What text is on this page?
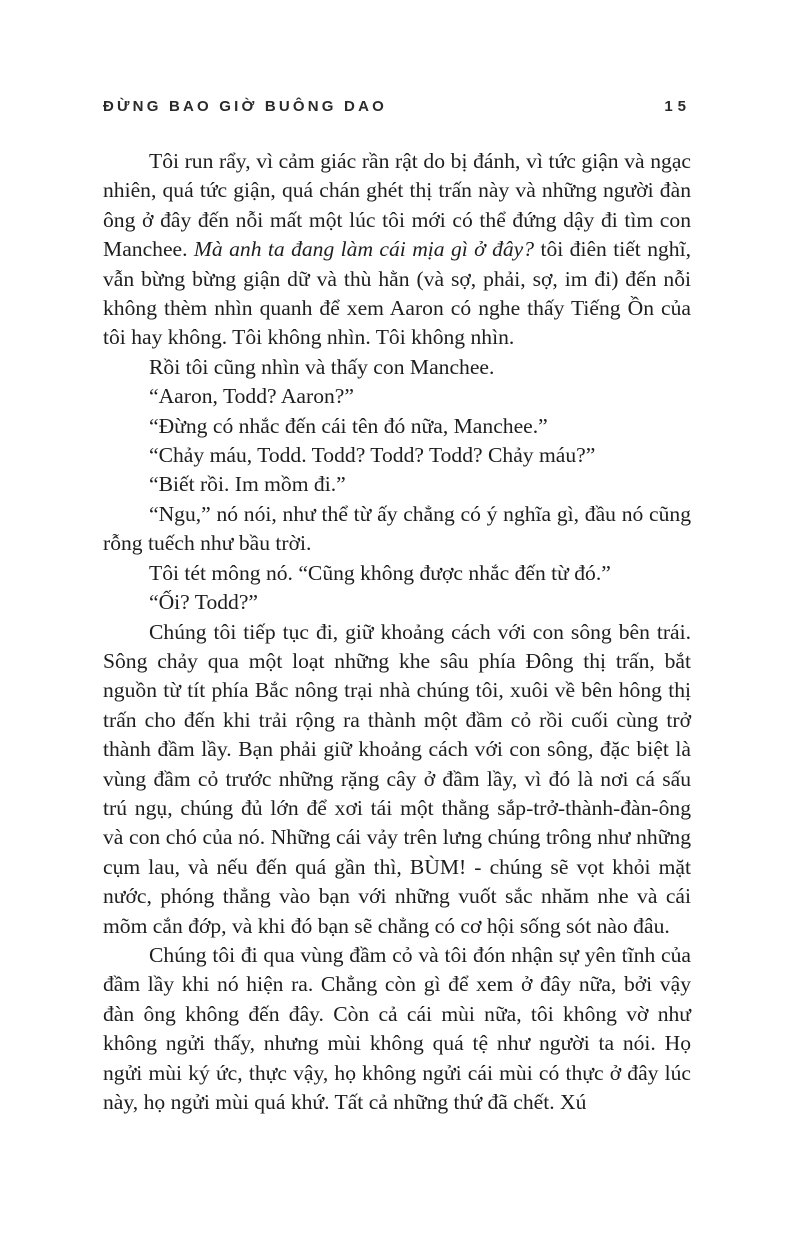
ĐỪNG BAO GIỜ BUÔNG DAO	15

Tôi run rẩy, vì cảm giác rần rật do bị đánh, vì tức giận và ngạc nhiên, quá tức giận, quá chán ghét thị trấn này và những người đàn ông ở đây đến nỗi mất một lúc tôi mới có thể đứng dậy đi tìm con Manchee. Mà anh ta đang làm cái mịa gì ở đây? tôi điên tiết nghĩ, vẫn bừng bừng giận dữ và thù hằn (và sợ, phải, sợ, im đi) đến nỗi không thèm nhìn quanh để xem Aaron có nghe thấy Tiếng Ồn của tôi hay không. Tôi không nhìn. Tôi không nhìn.

Rồi tôi cũng nhìn và thấy con Manchee.

“Aaron, Todd? Aaron?”

“Đừng có nhắc đến cái tên đó nữa, Manchee.”

“Chảy máu, Todd. Todd? Todd? Todd? Chảy máu?”

“Biết rồi. Im mồm đi.”

“Ngu,” nó nói, như thể từ ấy chẳng có ý nghĩa gì, đầu nó cũng rỗng tuếch như bầu trời.

Tôi tét mông nó. “Cũng không được nhắc đến từ đó.”

“Ối? Todd?”

Chúng tôi tiếp tục đi, giữ khoảng cách với con sông bên trái. Sông chảy qua một loạt những khe sâu phía Đông thị trấn, bắt nguồn từ tít phía Bắc nông trại nhà chúng tôi, xuôi về bên hông thị trấn cho đến khi trải rộng ra thành một đầm cỏ rồi cuối cùng trở thành đầm lầy. Bạn phải giữ khoảng cách với con sông, đặc biệt là vùng đầm cỏ trước những rặng cây ở đầm lầy, vì đó là nơi cá sấu trú ngụ, chúng đủ lớn để xơi tái một thằng sắp-trở-thành-đàn-ông và con chó của nó. Những cái vảy trên lưng chúng trông như những cụm lau, và nếu đến quá gần thì, BÙM! - chúng sẽ vọt khỏi mặt nước, phóng thẳng vào bạn với những vuốt sắc nhăm nhe và cái mõm cắn đớp, và khi đó bạn sẽ chẳng có cơ hội sống sót nào đâu.

Chúng tôi đi qua vùng đầm cỏ và tôi đón nhận sự yên tĩnh của đầm lầy khi nó hiện ra. Chẳng còn gì để xem ở đây nữa, bởi vậy đàn ông không đến đây. Còn cả cái mùi nữa, tôi không vờ như không ngửi thấy, nhưng mùi không quá tệ như người ta nói. Họ ngửi mùi ký ức, thực vậy, họ không ngửi cái mùi có thực ở đây lúc này, họ ngửi mùi quá khứ. Tất cả những thứ đã chết. Xú
